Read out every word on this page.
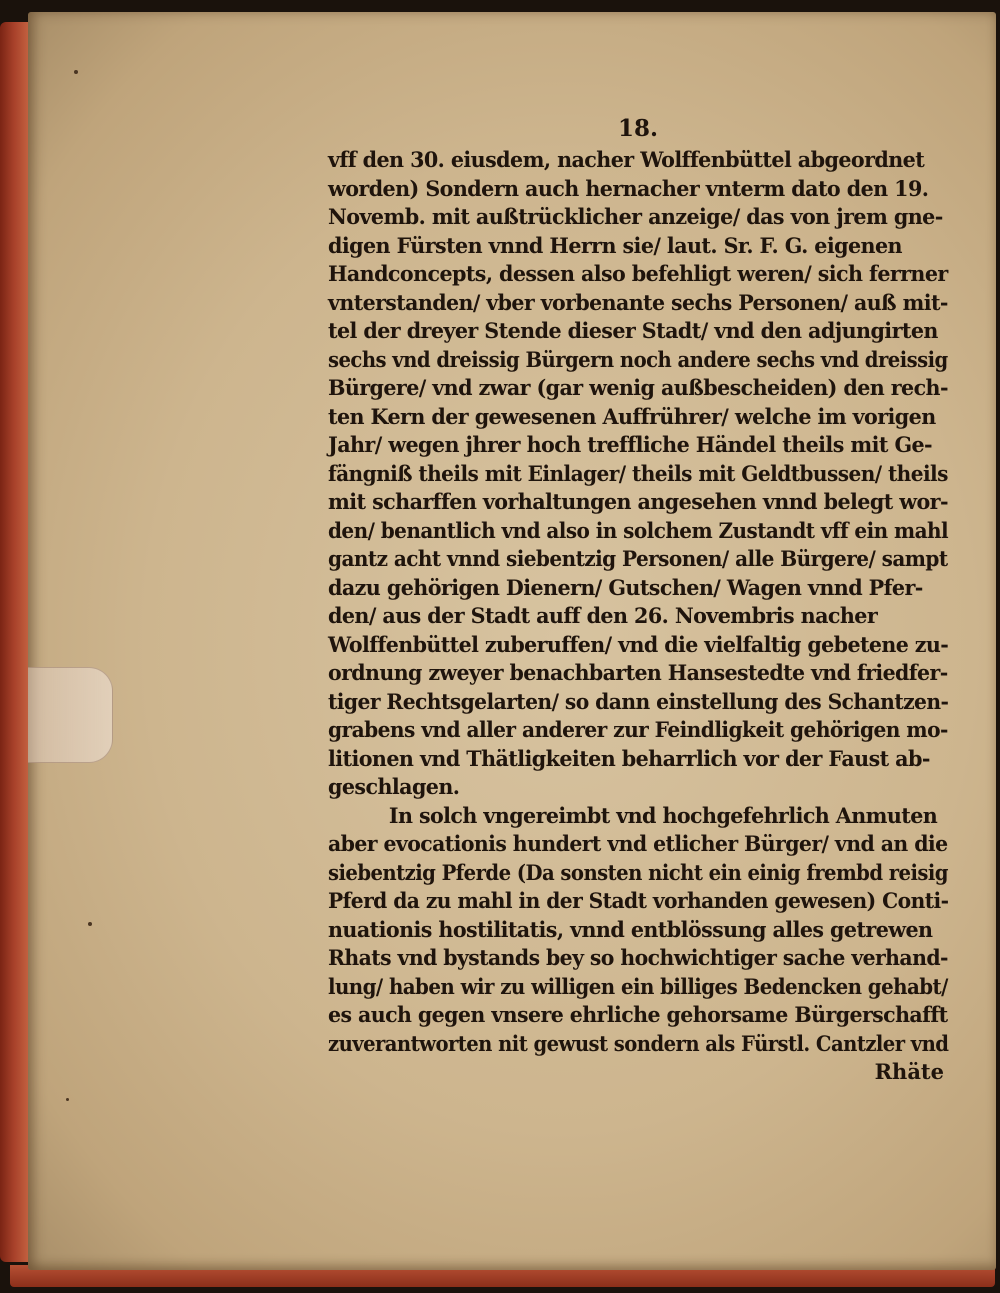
18.
vff den 30. eiusdem, nacher Wolffenbüttel abgeordnet
worden) Sondern auch hernacher vnterm dato den 19.
Novemb. mit außtrücklicher anzeige/ das von jrem gne-
digen Fürsten vnnd Herrn sie/ laut. Sr. F. G. eigenen
Handconcepts, dessen also befehligt weren/ sich ferrner
vnterstanden/ vber vorbenante sechs Personen/ auß mit-
tel der dreyer Stende dieser Stadt/ vnd den adjungirten
sechs vnd dreissig Bürgern noch andere sechs vnd dreissig
Bürgere/ vnd zwar (gar wenig außbescheiden) den rech-
ten Kern der gewesenen Auffrührer/ welche im vorigen
Jahr/ wegen jhrer hoch treffliche Händel theils mit Ge-
fängniß theils mit Einlager/ theils mit Geldtbussen/ theils
mit scharffen vorhaltungen angesehen vnnd belegt wor-
den/ benantlich vnd also in solchem Zustandt vff ein mahl
gantz acht vnnd siebentzig Personen/ alle Bürgere/ sampt
dazu gehörigen Dienern/ Gutschen/ Wagen vnnd Pfer-
den/ aus der Stadt auff den 26. Novembris nacher
Wolffenbüttel zuberuffen/ vnd die vielfaltig gebetene zu-
ordnung zweyer benachbarten Hansestedte vnd friedfer-
tiger Rechtsgelarten/ so dann einstellung des Schantzen-
grabens vnd aller anderer zur Feindligkeit gehörigen mo-
litionen vnd Thätligkeiten beharrlich vor der Faust ab-
geschlagen.
In solch vngereimbt vnd hochgefehrlich Anmuten
aber evocationis hundert vnd etlicher Bürger/ vnd an die
siebentzig Pferde (Da sonsten nicht ein einig frembd reisig
Pferd da zu mahl in der Stadt vorhanden gewesen) Conti-
nuationis hostilitatis, vnnd entblössung alles getrewen
Rhats vnd bystands bey so hochwichtiger sache verhand-
lung/ haben wir zu willigen ein billiges Bedencken gehabt/
es auch gegen vnsere ehrliche gehorsame Bürgerschafft
zuverantworten nit gewust sondern als Fürstl. Cantzler vnd
Rhäte
